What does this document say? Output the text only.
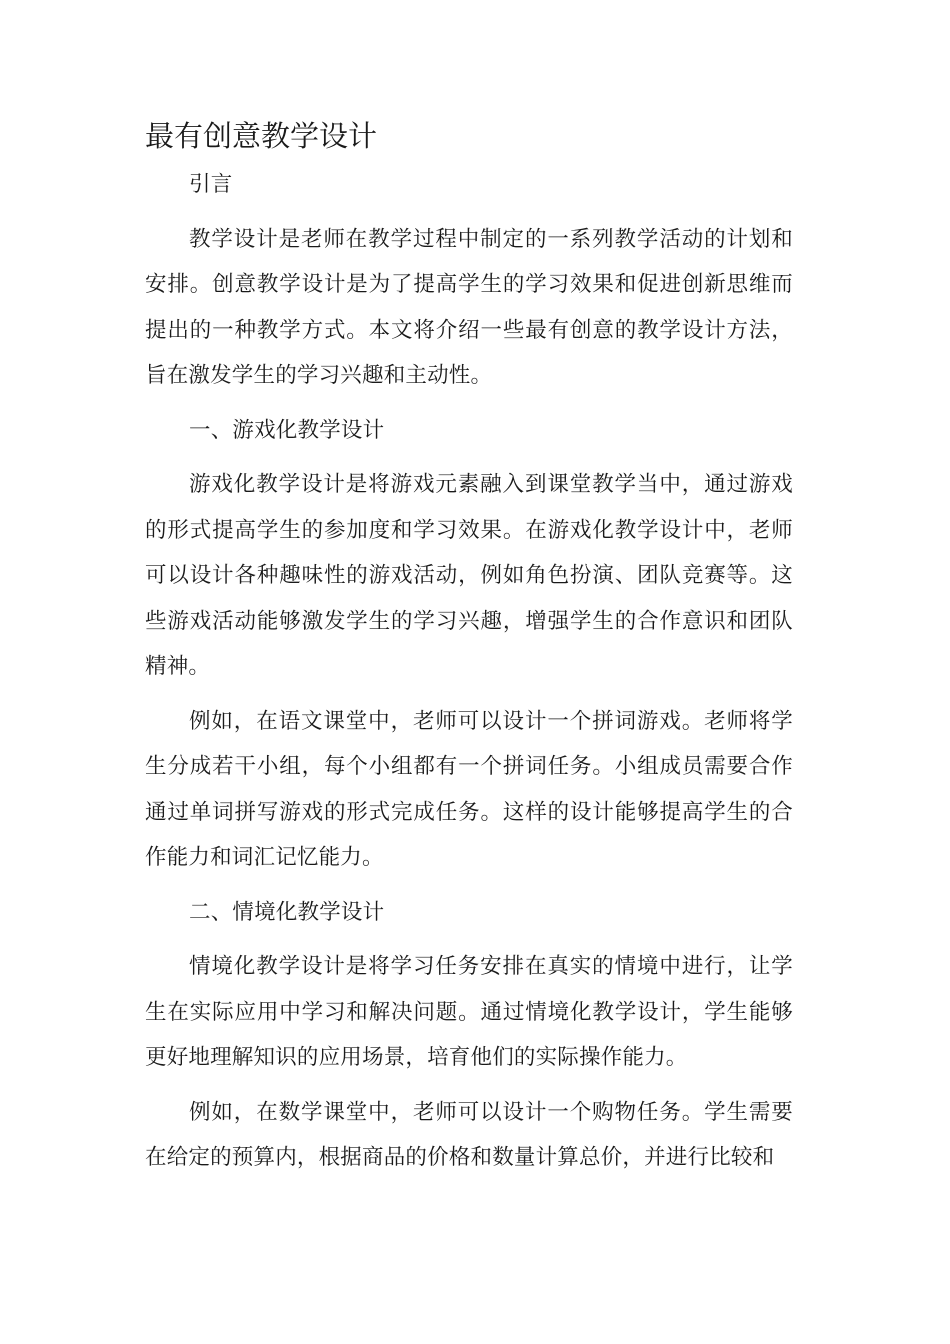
最有创意教学设计

引言

教学设计是老师在教学过程中制定的一系列教学活动的计划和安排。创意教学设计是为了提高学生的学习效果和促进创新思维而提出的一种教学方式。本文将介绍一些最有创意的教学设计方法，旨在激发学生的学习兴趣和主动性。

一、游戏化教学设计

游戏化教学设计是将游戏元素融入到课堂教学当中，通过游戏的形式提高学生的参加度和学习效果。在游戏化教学设计中，老师可以设计各种趣味性的游戏活动，例如角色扮演、团队竞赛等。这些游戏活动能够激发学生的学习兴趣，增强学生的合作意识和团队精神。

例如，在语文课堂中，老师可以设计一个拼词游戏。老师将学生分成若干小组，每个小组都有一个拼词任务。小组成员需要合作通过单词拼写游戏的形式完成任务。这样的设计能够提高学生的合作能力和词汇记忆能力。

二、情境化教学设计

情境化教学设计是将学习任务安排在真实的情境中进行，让学生在实际应用中学习和解决问题。通过情境化教学设计，学生能够更好地理解知识的应用场景，培育他们的实际操作能力。

例如，在数学课堂中，老师可以设计一个购物任务。学生需要在给定的预算内，根据商品的价格和数量计算总价，并进行比较和
